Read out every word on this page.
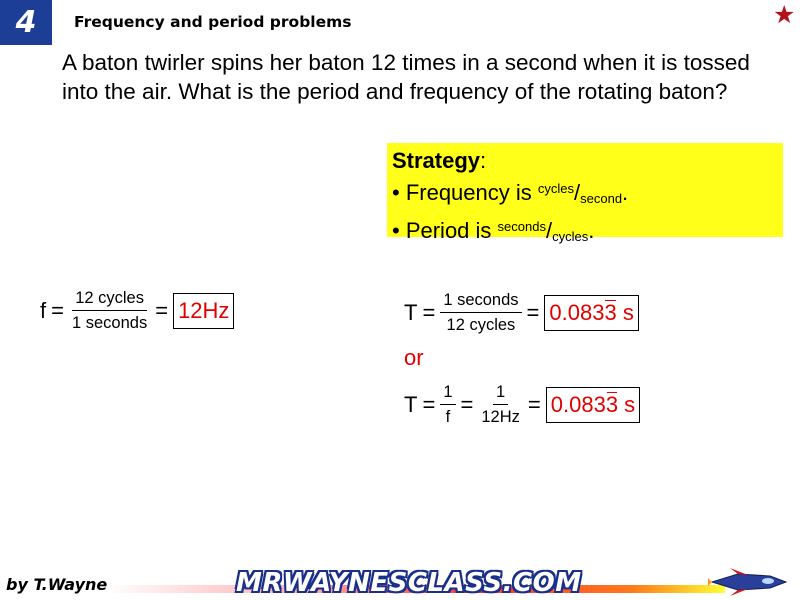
4	Frequency and period problems	★
A baton twirler spins her baton 12 times in a second when it is tossed into the air. What is the period and frequency of the rotating baton?
Strategy:
• Frequency is $^{cycles}/_{second}$.
• Period is $^{seconds}/_{cycles}$.
$f = \frac{\text{12 cycles}}{\text{1 seconds}} = 12Hz$	$T = \frac{\text{1 seconds}}{\text{12 cycles}} = 0.0833$ s
or
$T = \frac{1}{f} = \frac{1}{12Hz} = 0.0833$ s
by T.Wayne	MRWAYNESCLASS.COM
